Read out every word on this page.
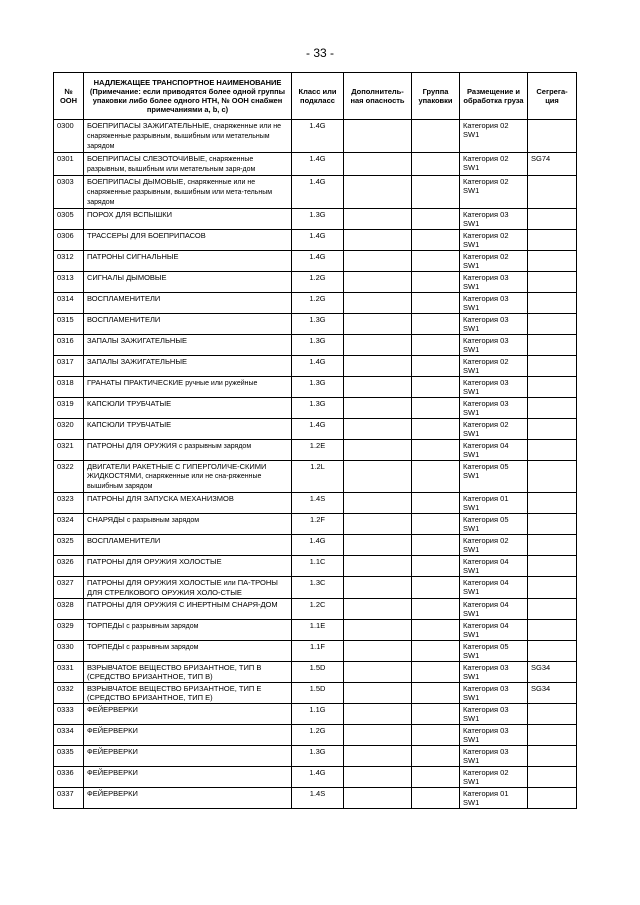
- 33 -
№ ООН	НАДЛЕЖАЩЕЕ ТРАНСПОРТНОЕ НАИМЕНОВАНИЕ (Примечание: если приводятся более одной группы упаковки либо более одного НТН, № ООН снабжен примечаниями a, b, c)	Класс или подкласс	Дополнитель-ная опасность	Группа упаковки	Размещение и обработка груза	Сегрега-ция
0300	БОЕПРИПАСЫ ЗАЖИГАТЕЛЬНЫЕ, снаряженные или не снаряженные разрывным, вышибным или метательным зарядом	1.4G			Категория 02 SW1	
0301	БОЕПРИПАСЫ СЛЕЗОТОЧИВЫЕ, снаряженные разрывным, вышибным или метательным заря-дом	1.4G			Категория 02 SW1	SG74
0303	БОЕПРИПАСЫ ДЫМОВЫЕ, снаряженные или не снаряженные разрывным, вышибным или мета-тельным зарядом	1.4G			Категория 02 SW1	
0305	ПОРОХ ДЛЯ ВСПЫШКИ	1.3G			Категория 03 SW1	
0306	ТРАССЕРЫ ДЛЯ БОЕПРИПАСОВ	1.4G			Категория 02 SW1	
0312	ПАТРОНЫ СИГНАЛЬНЫЕ	1.4G			Категория 02 SW1	
0313	СИГНАЛЫ ДЫМОВЫЕ	1.2G			Категория 03 SW1	
0314	ВОСПЛАМЕНИТЕЛИ	1.2G			Категория 03 SW1	
0315	ВОСПЛАМЕНИТЕЛИ	1.3G			Категория 03 SW1	
0316	ЗАПАЛЫ ЗАЖИГАТЕЛЬНЫЕ	1.3G			Категория 03 SW1	
0317	ЗАПАЛЫ ЗАЖИГАТЕЛЬНЫЕ	1.4G			Категория 02 SW1	
0318	ГРАНАТЫ ПРАКТИЧЕСКИЕ ручные или ружейные	1.3G			Категория 03 SW1	
0319	КАПСЮЛИ ТРУБЧАТЫЕ	1.3G			Категория 03 SW1	
0320	КАПСЮЛИ ТРУБЧАТЫЕ	1.4G			Категория 02 SW1	
0321	ПАТРОНЫ ДЛЯ ОРУЖИЯ с разрывным зарядом	1.2E			Категория 04 SW1	
0322	ДВИГАТЕЛИ РАКЕТНЫЕ С ГИПЕРГОЛИЧЕ-СКИМИ ЖИДКОСТЯМИ, снаряженные или не сна-ряженные вышибным зарядом	1.2L			Категория 05 SW1	
0323	ПАТРОНЫ ДЛЯ ЗАПУСКА МЕХАНИЗМОВ	1.4S			Категория 01 SW1	
0324	СНАРЯДЫ с разрывным зарядом	1.2F			Категория 05 SW1	
0325	ВОСПЛАМЕНИТЕЛИ	1.4G			Категория 02 SW1	
0326	ПАТРОНЫ ДЛЯ ОРУЖИЯ ХОЛОСТЫЕ	1.1C			Категория 04 SW1	
0327	ПАТРОНЫ ДЛЯ ОРУЖИЯ ХОЛОСТЫЕ или ПА-ТРОНЫ ДЛЯ СТРЕЛКОВОГО ОРУЖИЯ ХОЛО-СТЫЕ	1.3C			Категория 04 SW1	
0328	ПАТРОНЫ ДЛЯ ОРУЖИЯ С ИНЕРТНЫМ СНАРЯ-ДОМ	1.2C			Категория 04 SW1	
0329	ТОРПЕДЫ с разрывным зарядом	1.1E			Категория 04 SW1	
0330	ТОРПЕДЫ с разрывным зарядом	1.1F			Категория 05 SW1	
0331	ВЗРЫВЧАТОЕ ВЕЩЕСТВО БРИЗАНТНОЕ, ТИП B (СРЕДСТВО БРИЗАНТНОЕ, ТИП B)	1.5D			Категория 03 SW1	SG34
0332	ВЗРЫВЧАТОЕ ВЕЩЕСТВО БРИЗАНТНОЕ, ТИП E (СРЕДСТВО БРИЗАНТНОЕ, ТИП E)	1.5D			Категория 03 SW1	SG34
0333	ФЕЙЕРВЕРКИ	1.1G			Категория 03 SW1	
0334	ФЕЙЕРВЕРКИ	1.2G			Категория 03 SW1	
0335	ФЕЙЕРВЕРКИ	1.3G			Категория 03 SW1	
0336	ФЕЙЕРВЕРКИ	1.4G			Категория 02 SW1	
0337	ФЕЙЕРВЕРКИ	1.4S			Категория 01 SW1	
